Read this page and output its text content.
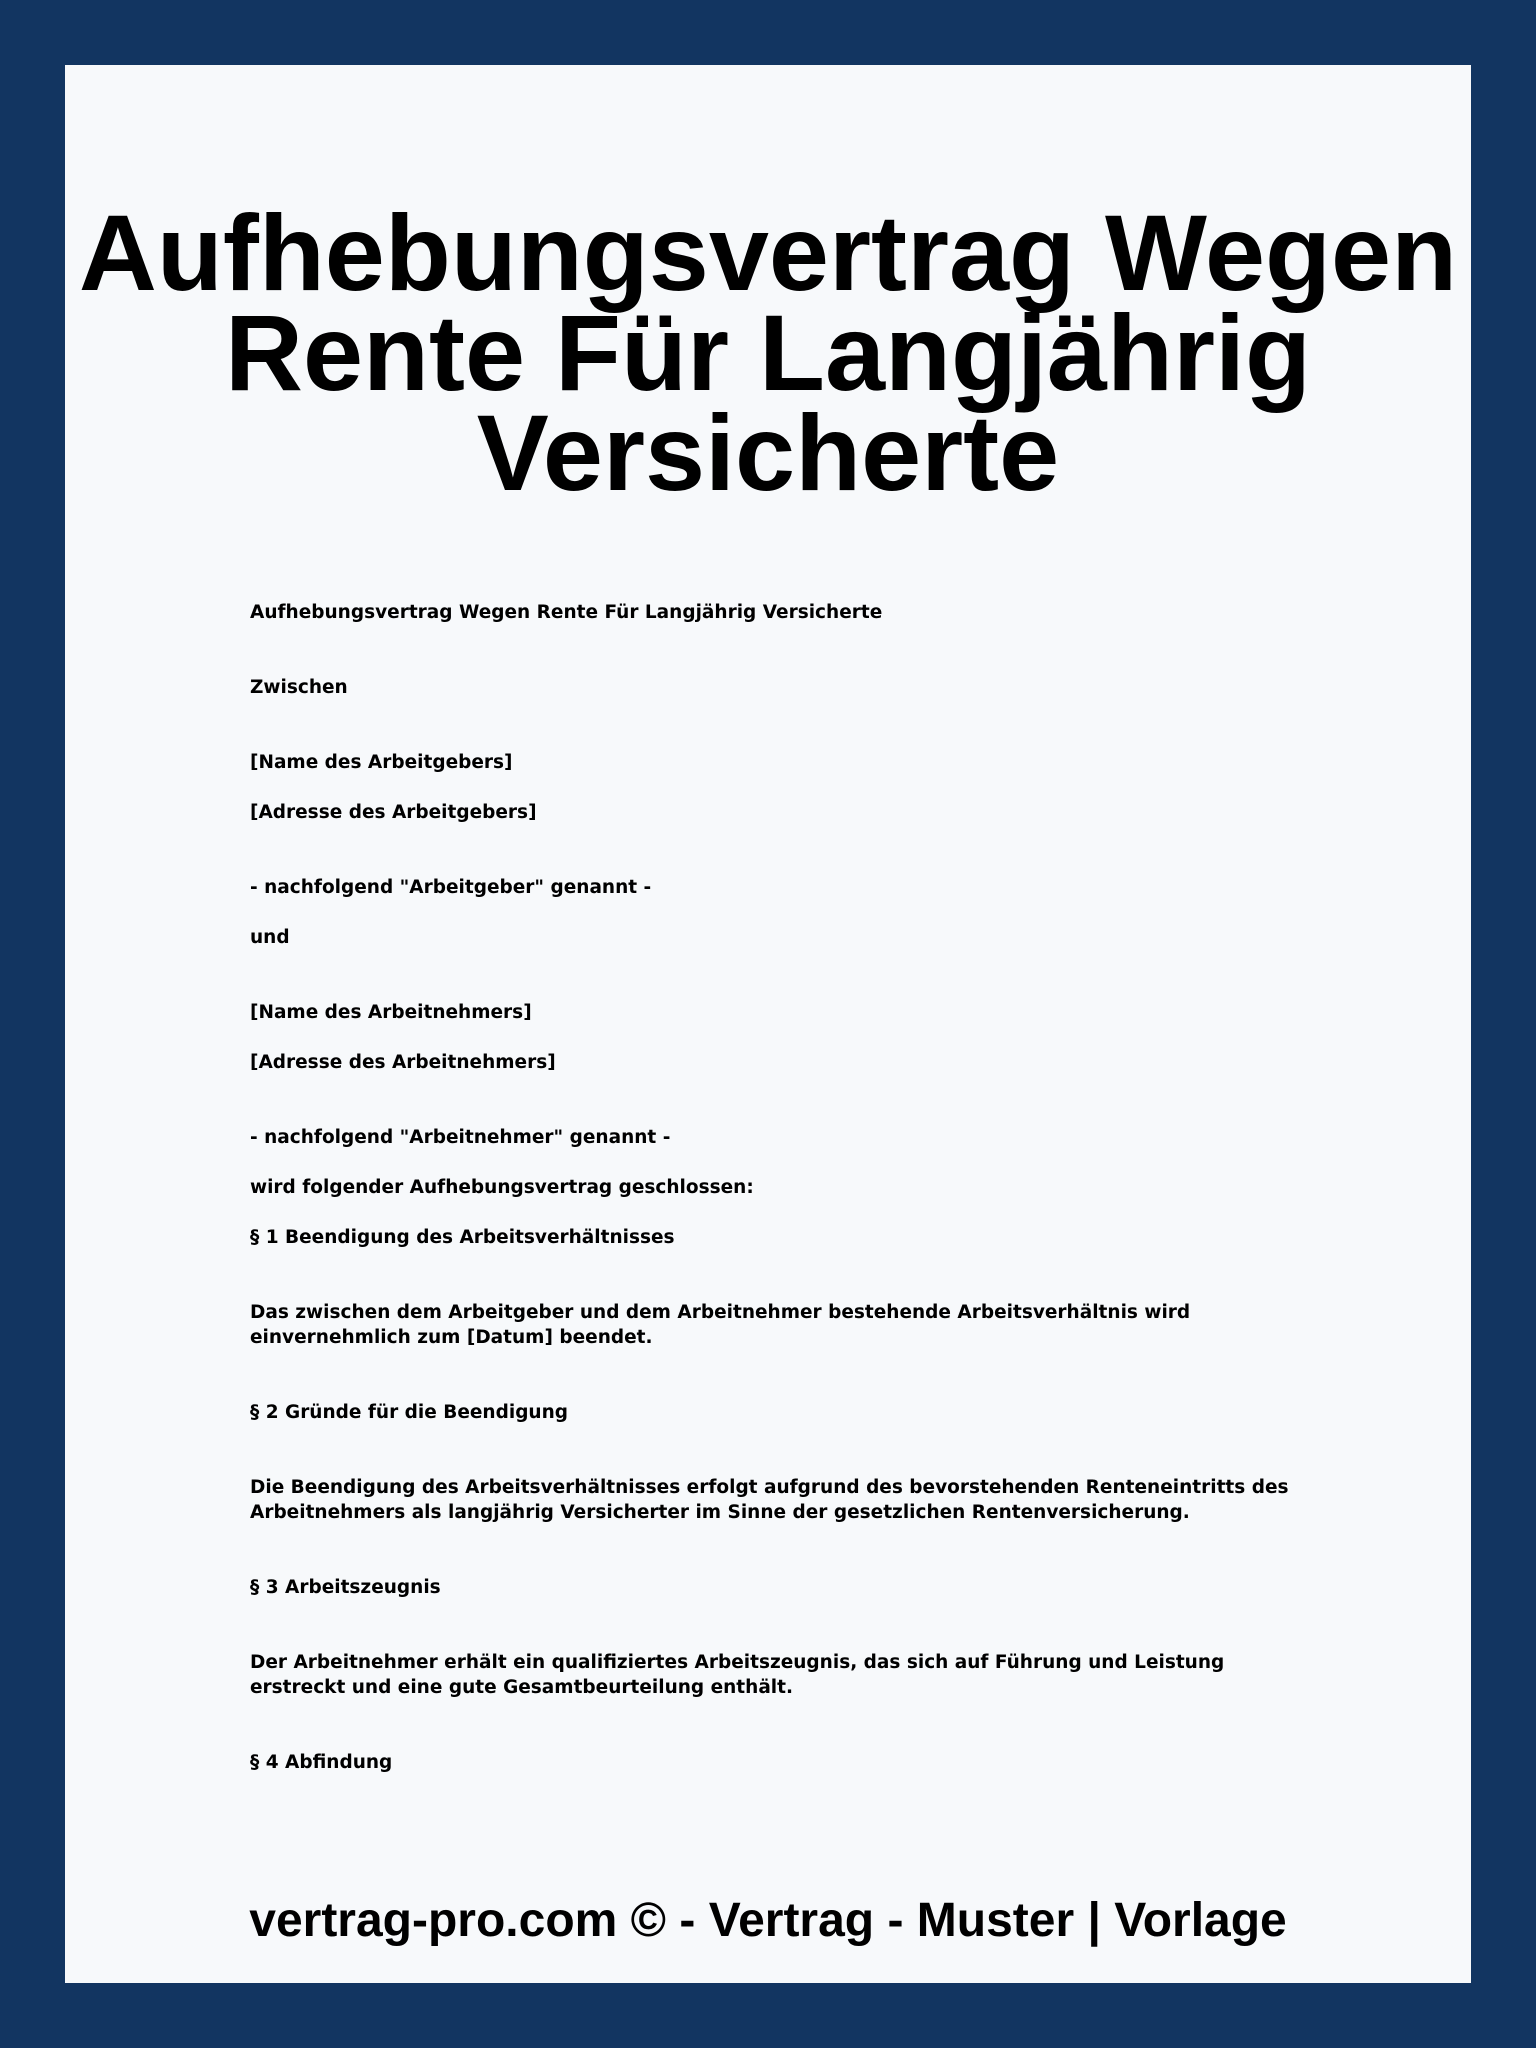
Aufhebungsvertrag Wegen Rente Für Langjährig Versicherte
Aufhebungsvertrag Wegen Rente Für Langjährig Versicherte
Zwischen
[Name des Arbeitgebers]
[Adresse des Arbeitgebers]
- nachfolgend "Arbeitgeber" genannt -
und
[Name des Arbeitnehmers]
[Adresse des Arbeitnehmers]
- nachfolgend "Arbeitnehmer" genannt -
wird folgender Aufhebungsvertrag geschlossen:
§ 1 Beendigung des Arbeitsverhältnisses
Das zwischen dem Arbeitgeber und dem Arbeitnehmer bestehende Arbeitsverhältnis wird einvernehmlich zum [Datum] beendet.
§ 2 Gründe für die Beendigung
Die Beendigung des Arbeitsverhältnisses erfolgt aufgrund des bevorstehenden Renteneintritts des Arbeitnehmers als langjährig Versicherter im Sinne der gesetzlichen Rentenversicherung.
§ 3 Arbeitszeugnis
Der Arbeitnehmer erhält ein qualifiziertes Arbeitszeugnis, das sich auf Führung und Leistung erstreckt und eine gute Gesamtbeurteilung enthält.
§ 4 Abfindung
vertrag-pro.com © - Vertrag - Muster | Vorlage
